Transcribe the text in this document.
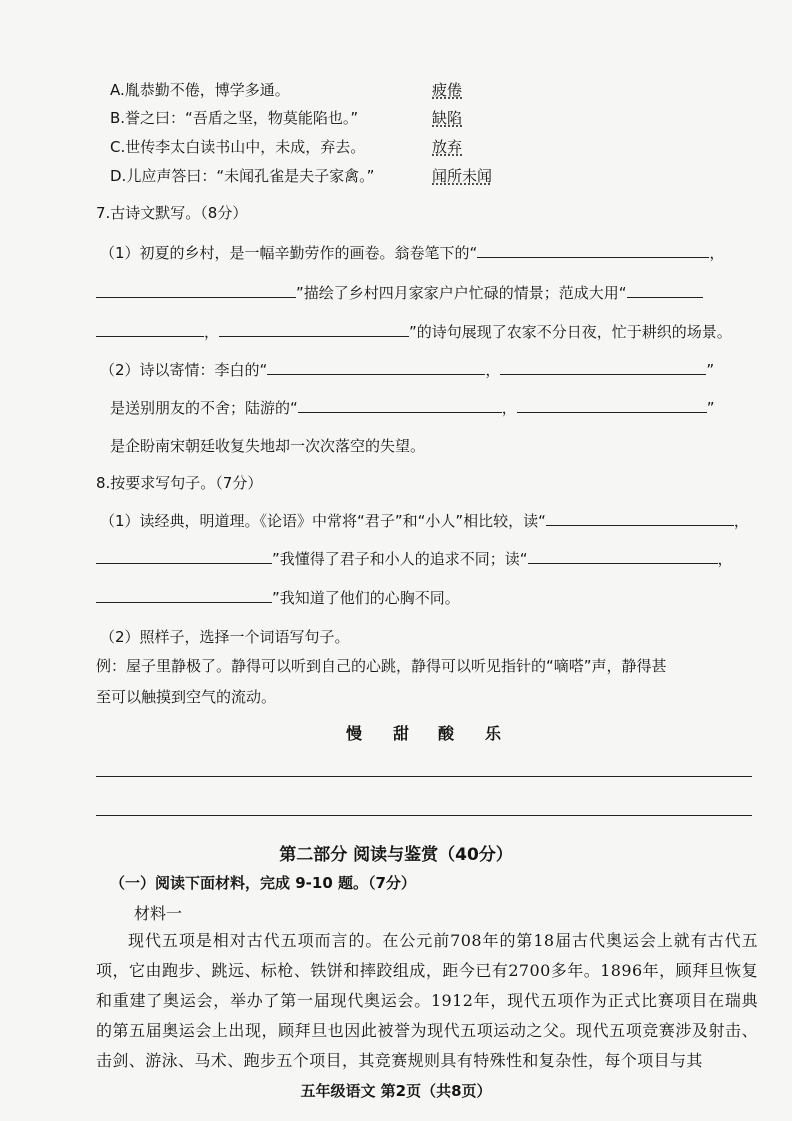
A.胤恭勤不倦，博学多通。	疲倦
B.誉之曰：“吾盾之坚，物莫能陷也。”	缺陷
C.世传李太白读书山中，未成，弃去。	放弃
D.儿应声答曰：“未闻孔雀是夫子家禽。”	闻所未闻
7.古诗文默写。（8分）
（1）初夏的乡村，是一幅辛勤劳作的画卷。翁卷笔下的“	，
”描绘了乡村四月家家户户忙碌的情景；范成大用“
，	”的诗句展现了农家不分日夜，忙于耕织的场景。
（2）诗以寄情：李白的“	，	”
是送别朋友的不舍；陆游的“	，	”
是企盼南宋朝廷收复失地却一次次落空的失望。
8.按要求写句子。（7分）
（1）读经典，明道理。《论语》中常将“君子”和“小人”相比较，读“	，
”我懂得了君子和小人的追求不同；读“	，
”我知道了他们的心胸不同。
（2）照样子，选择一个词语写句子。
例：屋子里静极了。静得可以听到自己的心跳，静得可以听见指针的“嘀嗒”声，静得甚
至可以触摸到空气的流动。
慢 甜 酸 乐
第二部分 阅读与鉴赏（40分）
（一）阅读下面材料，完成 9-10 题。（7分）
材料一
现代五项是相对古代五项而言的。在公元前708年的第18届古代奥运会上就有古代五项，它由跑步、跳远、标枪、铁饼和摔跤组成，距今已有2700多年。1896年，顾拜旦恢复和重建了奥运会，举办了第一届现代奥运会。1912年，现代五项作为正式比赛项目在瑞典的第五届奥运会上出现，顾拜旦也因此被誉为现代五项运动之父。现代五项竞赛涉及射击、击剑、游泳、马术、跑步五个项目，其竞赛规则具有特殊性和复杂性，每个项目与其
五年级语文 第2页（共8页）
